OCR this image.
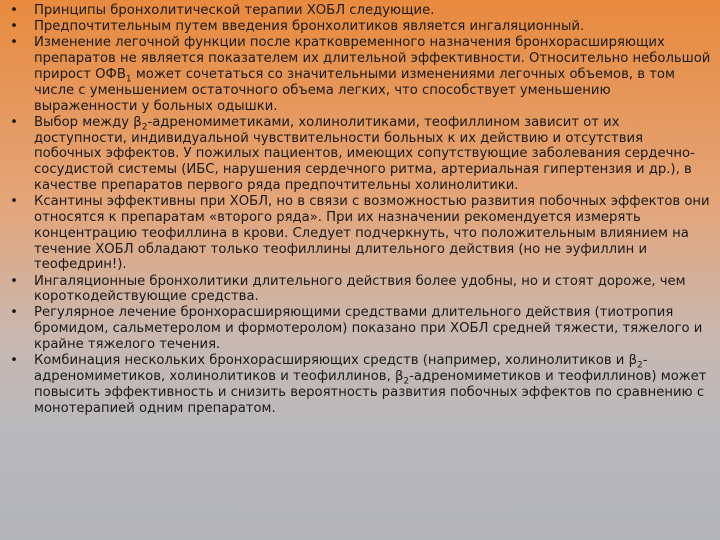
• Принципы бронхолитической терапии ХОБЛ следующие.
• Предпочтительным путем введения бронхолитиков является ингаляционный.
• Изменение легочной функции после кратковременного назначения бронхорасширяющих препаратов не является показателем их длительной эффективности. Относительно небольшой прирост $ОФВ_1$ может сочетаться со значительными изменениями легочных объемов, в том числе с уменьшением остаточного объема легких, что способствует уменьшению выраженности у больных одышки.
• Выбор между $\beta_2$-адреномиметиками, холинолитиками, теофиллином зависит от их доступности, индивидуальной чувствительности больных к их действию и отсутствия побочных эффектов. У пожилых пациентов, имеющих сопутствующие заболевания сердечно-сосудистой системы (ИБС, нарушения сердечного ритма, артериальная гипертензия и др.), в качестве препаратов первого ряда предпочтительны холинолитики.
• Ксантины эффективны при ХОБЛ, но в связи с возможностью развития побочных эффектов они относятся к препаратам «второго ряда». При их назначении рекомендуется измерять концентрацию теофиллина в крови. Следует подчеркнуть, что положительным влиянием на течение ХОБЛ обладают только теофиллины длительного действия (но не эуфиллин и теофедрин!).
• Ингаляционные бронхолитики длительного действия более удобны, но и стоят дороже, чем короткодействующие средства.
• Регулярное лечение бронхорасширяющими средствами длительного действия (тиотропия бромидом, сальметеролом и формотеролом) показано при ХОБЛ средней тяжести, тяжелого и крайне тяжелого течения.
• Комбинация нескольких бронхорасширяющих средств (например, холинолитиков и $\beta_2$-адреномиметиков, холинолитиков и теофиллинов, $\beta_2$-адреномиметиков и теофиллинов) может повысить эффективность и снизить вероятность развития побочных эффектов по сравнению с монотерапией одним препаратом.
